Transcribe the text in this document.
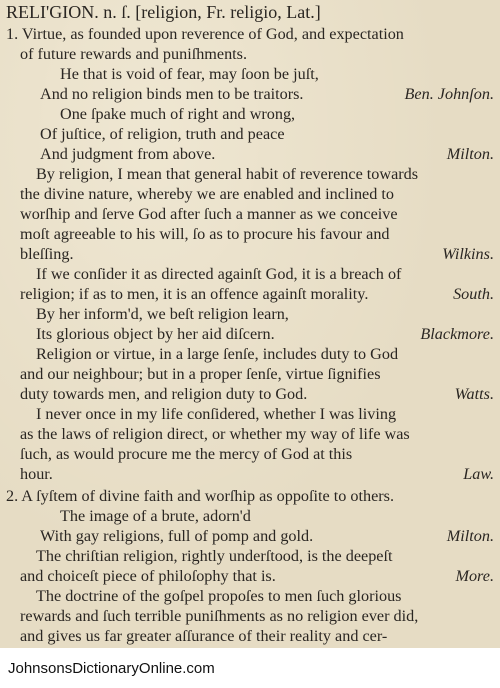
RELI'GION. n. ſ. [religion, Fr. religio, Lat.]
1. Virtue, as founded upon reverence of God, and expectation
of future rewards and puniſhments.
He that is void of fear, may ſoon be juſt,
And no religion binds men to be traitors.	Ben. Johnſon.
One ſpake much of right and wrong,
Of juſtice, of religion, truth and peace
And judgment from above.	Milton.
By religion, I mean that general habit of reverence towards
the divine nature, whereby we are enabled and inclined to
worſhip and ſerve God after ſuch a manner as we conceive
moſt agreeable to his will, ſo as to procure his favour and
bleſſing.	Wilkins.
If we conſider it as directed againſt God, it is a breach of
religion; if as to men, it is an offence againſt morality.	South.
By her inform'd, we beſt religion learn,
Its glorious object by her aid diſcern.	Blackmore.
Religion or virtue, in a large ſenſe, includes duty to God
and our neighbour; but in a proper ſenſe, virtue ſignifies
duty towards men, and religion duty to God.	Watts.
I never once in my life conſidered, whether I was living
as the laws of religion direct, or whether my way of life was
ſuch, as would procure me the mercy of God at this
hour.	Law.
2. A ſyſtem of divine faith and worſhip as oppoſite to others.
The image of a brute, adorn'd
With gay religions, full of pomp and gold.	Milton.
The chriſtian religion, rightly underſtood, is the deepeſt
and choiceſt piece of philoſophy that is.	More.
The doctrine of the goſpel propoſes to men ſuch glorious
rewards and ſuch terrible puniſhments as no religion ever did,
and gives us far greater aſſurance of their reality and cer-
JohnsonsDictionaryOnline.com
